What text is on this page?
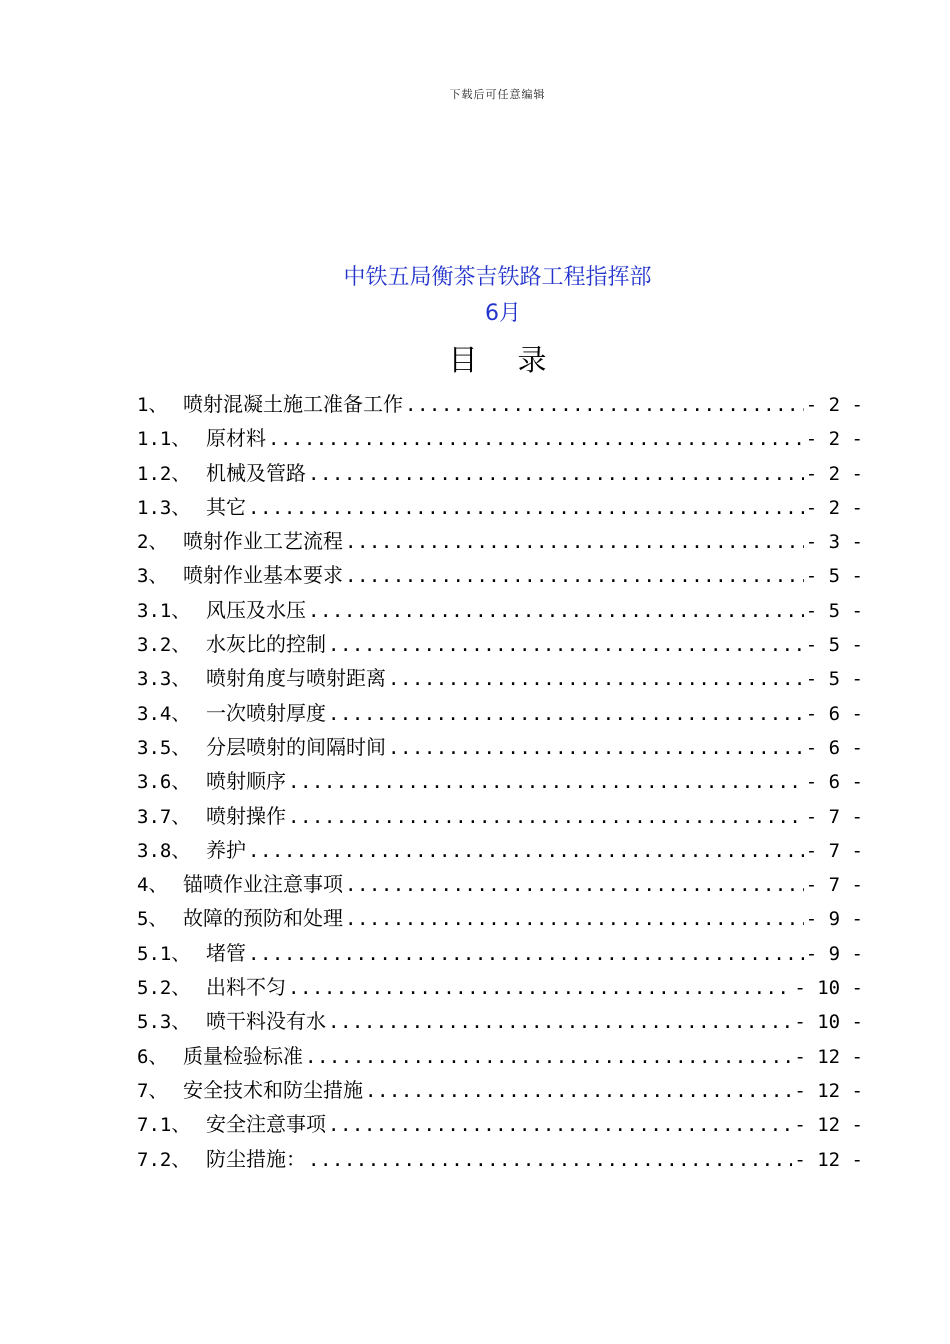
下载后可任意编辑
中铁五局衡茶吉铁路工程指挥部
6月
目录
1、 喷射混凝土施工准备工作 .....	- 2 -
1.1、 原材料 .....	- 2 -
1.2、 机械及管路 .....	- 2 -
1.3、 其它 .....	- 2 -
2、 喷射作业工艺流程 .....	- 3 -
3、 喷射作业基本要求 .....	- 5 -
3.1、 风压及水压 .....	- 5 -
3.2、 水灰比的控制 .....	- 5 -
3.3、 喷射角度与喷射距离 .....	- 5 -
3.4、 一次喷射厚度 .....	- 6 -
3.5、 分层喷射的间隔时间 .....	- 6 -
3.6、 喷射顺序 .....	- 6 -
3.7、 喷射操作 .....	- 7 -
3.8、 养护 .....	- 7 -
4、 锚喷作业注意事项 .....	- 7 -
5、 故障的预防和处理 .....	- 9 -
5.1、 堵管 .....	- 9 -
5.2、 出料不匀 .....	- 10 -
5.3、 喷干料没有水 .....	- 10 -
6、 质量检验标准 .....	- 12 -
7、 安全技术和防尘措施 .....	- 12 -
7.1、 安全注意事项 .....	- 12 -
7.2、 防尘措施： .....	- 12 -
